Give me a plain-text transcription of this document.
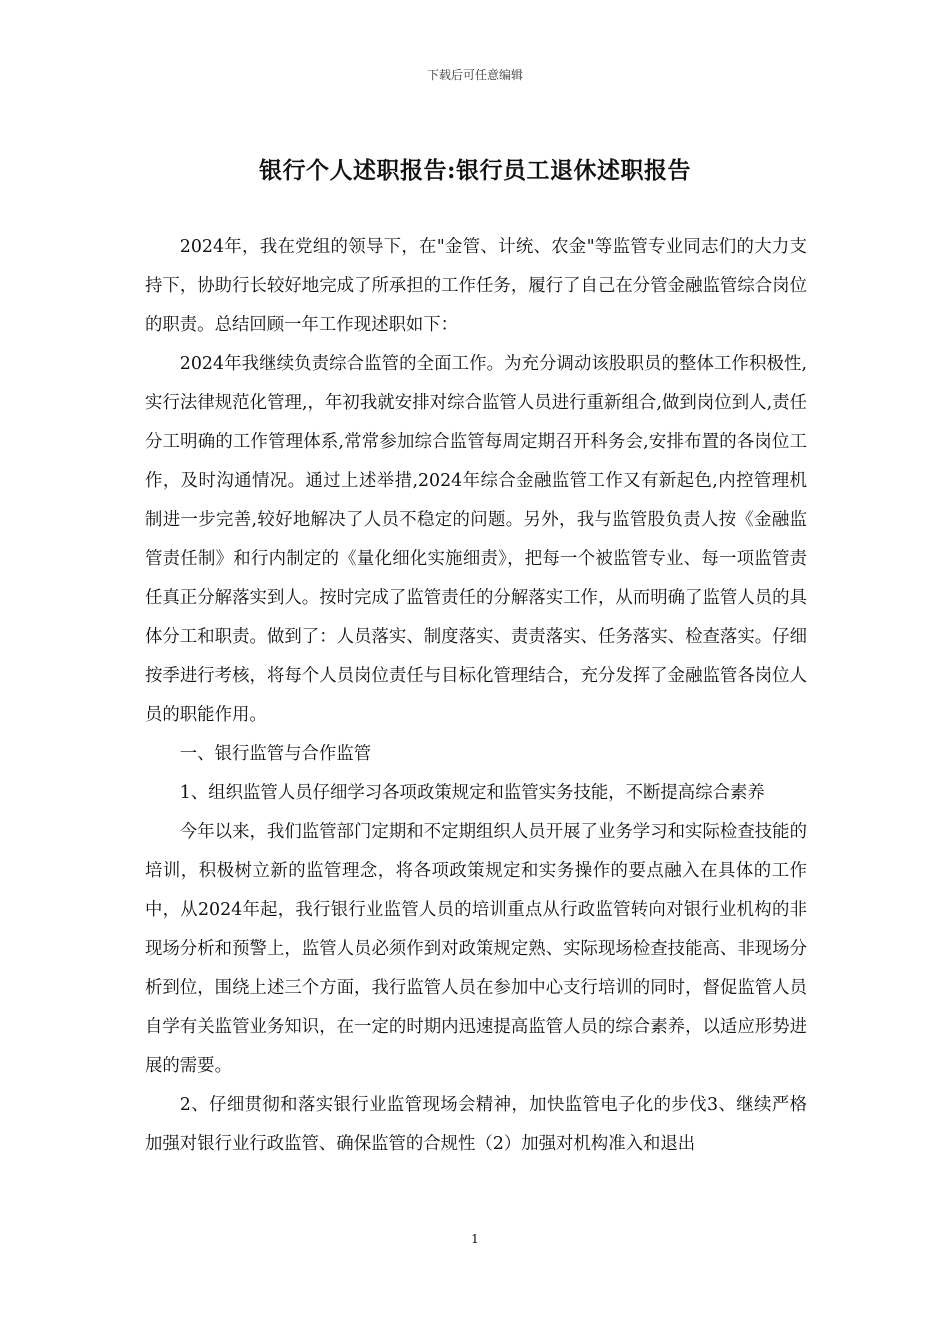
下载后可任意编辑
银行个人述职报告:银行员工退休述职报告

2024年，我在党组的领导下，在"金管、计统、农金"等监管专业同志们的大力支持下，协助行长较好地完成了所承担的工作任务，履行了自己在分管金融监管综合岗位的职责。总结回顾一年工作现述职如下：

2024年我继续负责综合监管的全面工作。为充分调动该股职员的整体工作积极性,实行法律规范化管理,，年初我就安排对综合监管人员进行重新组合,做到岗位到人,责任分工明确的工作管理体系,常常参加综合监管每周定期召开科务会,安排布置的各岗位工作，及时沟通情况。通过上述举措,2024年综合金融监管工作又有新起色,内控管理机制进一步完善,较好地解决了人员不稳定的问题。另外，我与监管股负责人按《金融监管责任制》和行内制定的《量化细化实施细责》，把每一个被监管专业、每一项监管责任真正分解落实到人。按时完成了监管责任的分解落实工作，从而明确了监管人员的具体分工和职责。做到了：人员落实、制度落实、责责落实、任务落实、检查落实。仔细按季进行考核，将每个人员岗位责任与目标化管理结合，充分发挥了金融监管各岗位人员的职能作用。

一、银行监管与合作监管

1、组织监管人员仔细学习各项政策规定和监管实务技能，不断提高综合素养

今年以来，我们监管部门定期和不定期组织人员开展了业务学习和实际检查技能的培训，积极树立新的监管理念，将各项政策规定和实务操作的要点融入在具体的工作中，从2024年起，我行银行业监管人员的培训重点从行政监管转向对银行业机构的非现场分析和预警上，监管人员必须作到对政策规定熟、实际现场检查技能高、非现场分析到位，围绕上述三个方面，我行监管人员在参加中心支行培训的同时，督促监管人员自学有关监管业务知识，在一定的时期内迅速提高监管人员的综合素养，以适应形势进展的需要。

2、仔细贯彻和落实银行业监管现场会精神，加快监管电子化的步伐3、继续严格加强对银行业行政监管、确保监管的合规性（2）加强对机构准入和退出

1
